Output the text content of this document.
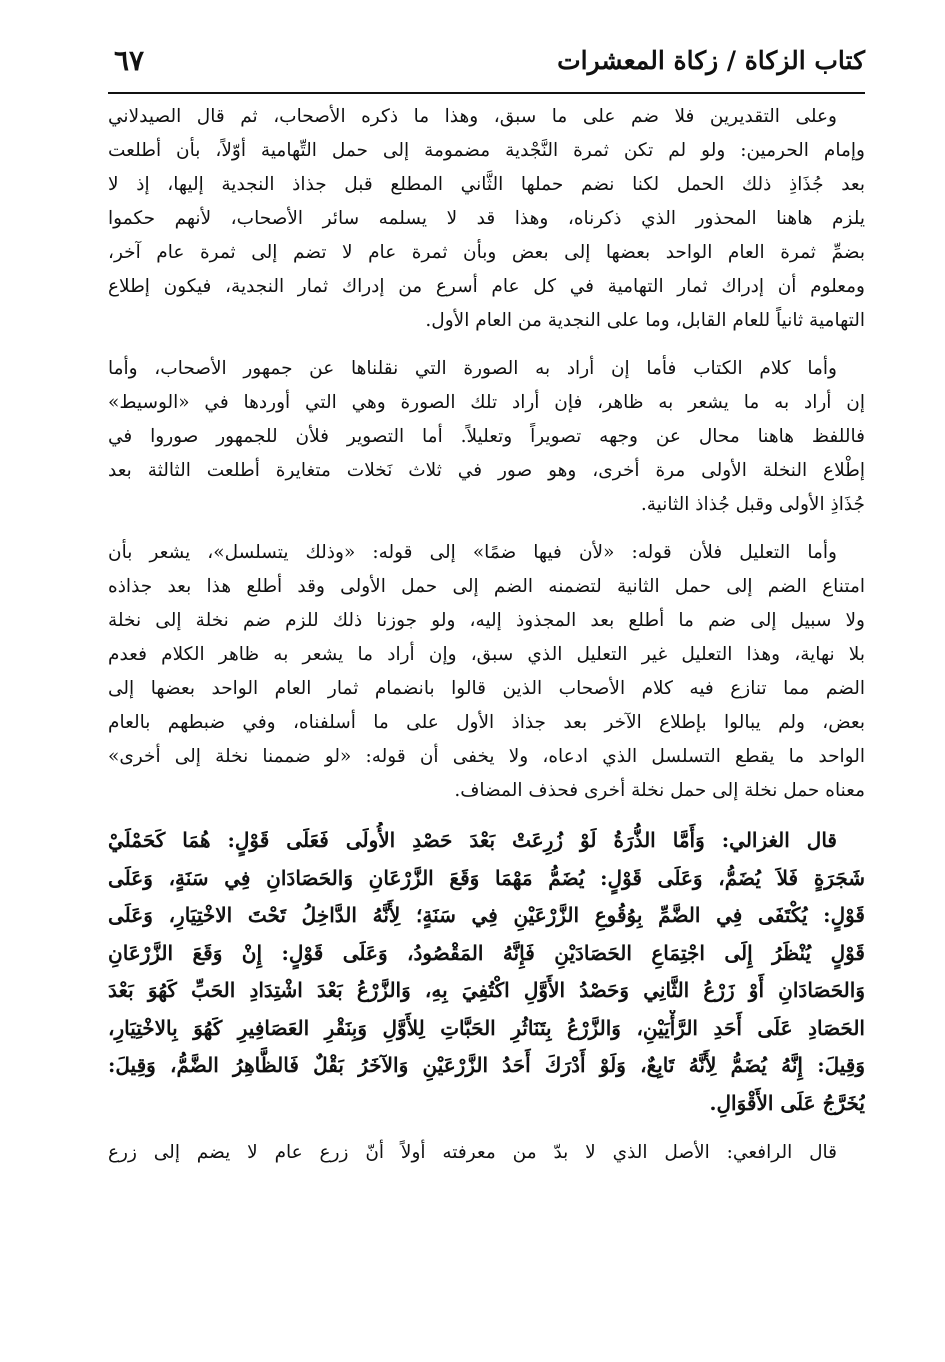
كتاب الزكاة / زكاة المعشرات
٦٧
وعلى التقديرين فلا ضم على ما سبق، وهذا ما ذكره الأصحاب، ثم قال الصيدلاني
وإمام الحرمين: ولو لم تكن ثمرة النَّجْدية مضمومة إلى حمل التِّهامية أوّلاً، بأن أطلعت
بعد جُذَاذِ ذلك الحمل لكنا نضم حملها الثَّاني المطلع قبل جذاذ النجدية إليها، إذ لا
يلزم هاهنا المحذور الذي ذكرناه، وهذا قد لا يسلمه سائر الأصحاب، لأنهم حكموا
بضمِّ ثمرة العام الواحد بعضها إلى بعض وبأن ثمرة عام لا تضم إلى ثمرة عام آخر،
ومعلوم أن إدراك ثمار التهامية في كل عام أسرع من إدراك ثمار النجدية، فيكون إطلاع
التهامية ثانياً للعام القابل، وما على النجدية من العام الأول.
وأما كلام الكتاب فأما إن أراد به الصورة التي نقلناها عن جمهور الأصحاب، وأما
إن أراد به ما يشعر به ظاهر، فإن أراد تلك الصورة وهي التي أوردها في «الوسيط»
فاللفظ هاهنا محال عن وجهه تصويراً وتعليلاً. أما التصوير فلأن للجمهور صوروا في
إطْلاع النخلة الأولى مرة أخرى، وهو صور في ثلاث نَخلات متغايرة أطلعت الثالثة بعد
جُذَاذِ الأولى وقبل جُذاذ الثانية.
وأما التعليل فلأن قوله: «لأن فيها ضمًا» إلى قوله: «وذلك يتسلسل»، يشعر بأن
امتناع الضم إلى حمل الثانية لتضمنه الضم إلى حمل الأولى وقد أطلع هذا بعد جذاذه
ولا سبيل إلى ضم ما أطلع بعد المجذوذ إليه، ولو جوزنا ذلك للزم ضم نخلة إلى نخلة
بلا نهاية، وهذا التعليل غير التعليل الذي سبق، وإن أراد ما يشعر به ظاهر الكلام فعدم
الضم مما تنازع فيه كلام الأصحاب الذين قالوا بانضمام ثمار العام الواحد بعضها إلى
بعض، ولم يبالوا بإطلاع الآخر بعد جذاذ الأول على ما أسلفناه، وفي ضبطهم بالعام
الواحد ما يقطع التسلسل الذي ادعاه، ولا يخفى أن قوله: «لو ضممنا نخلة إلى أخرى»
معناه حمل نخلة إلى حمل نخلة أخرى فحذف المضاف.
قال الغزالي: وَأَمَّا الذُّرَةُ لَوْ زُرِعَتْ بَعْدَ حَصْدِ الأُولَى فَعَلَى قَوْلٍ: هُمَا كَحَمْلَيْ
شَجَرَةٍ فَلاَ يُضَمُّ، وَعَلَى قَوْلٍ: يُضَمُّ مَهْمَا وَقَعَ الزَّرْعَانِ وَالحَصَادَانِ فِي سَنَةٍ، وَعَلَى
قَوْلٍ: يُكْتَفَى فِي الضَّمِّ بِوُقُوعِ الزَّرْعَيْنِ فِي سَنَةٍ؛ لِأَنَّهُ الدَّاخِلُ تَحْتَ الاخْتِيَارِ، وَعَلَى
قَوْلٍ يُنْظَرُ إِلَى اجْتِمَاعِ الحَصَادَيْنِ فَإِنَّهُ المَقْصُودُ، وَعَلَى قَوْلٍ: إِنْ وَقَعَ الزَّرْعَانِ
وَالحَصَادَانِ أَوْ زَرْعُ الثَّانِي وَحَصْدُ الأَوَّلِ اكْتُفِيَ بِهِ، وَالزَّرْعُ بَعْدَ اشْتِدَادِ الحَبِّ كَهُوَ بَعْدَ
الحَصَادِ عَلَى أَحَدِ الرَّأْيَيْنِ، وَالزَّرْعُ بِتَنَاثُرِ الحَبَّاتِ لِلأَوَّلِ وَبِنَقْرِ العَصَافِيرِ كَهُوَ بِالاخْتِيَارِ،
وَقِيلَ: إِنَّهُ يُضَمُّ لِأَنَّهُ تَابِعٌ، وَلَوْ أَدْرَكَ أَحَدُ الزَّرْعَيْنِ وَالآخَرُ بَقْلٌ فَالظَّاهِرُ الضَّمُّ، وَقِيلَ:
يُخَرَّجُ عَلَى الأَقْوَالِ.
قال الرافعي: الأصل الذي لا بدّ من معرفته أولاً أنّ زرع عام لا يضم إلى زرع
